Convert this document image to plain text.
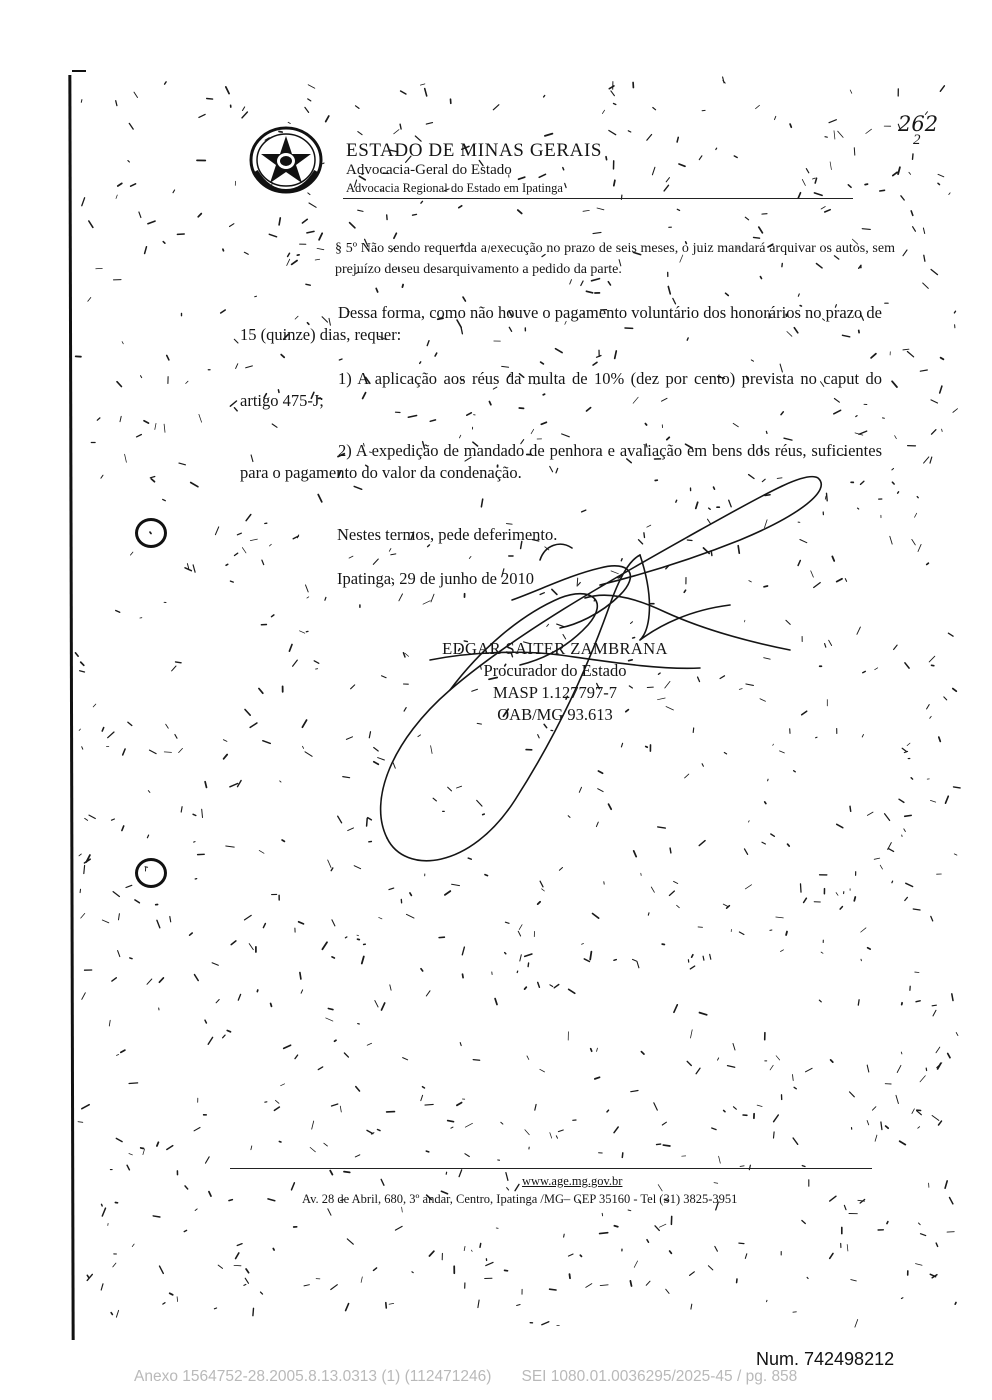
ESTADO DE MINAS GERAIS
Advocacia-Geral do Estado
Advocacia Regional do Estado em Ipatinga
262
2
§ 5º Não sendo requerida a execução no prazo de seis meses, o juiz mandará arquivar os autos, sem prejuízo de seu desarquivamento a pedido da parte.
Dessa forma, como não houve o pagamento voluntário dos honorários no prazo de 15 (quinze) dias, requer:
1) A aplicação aos réus da multa de 10% (dez por cento) prevista no caput do artigo 475-J;
2) A expedição de mandado de penhora e avaliação em bens dos réus, suficientes para o pagamento do valor da condenação.
Nestes termos, pede deferimento.
Ipatinga, 29 de junho de 2010
EDGAR SAITER ZAMBRANA
Procurador do Estado
MASP 1.127797-7
OAB/MG 93.613
www.age.mg.gov.br
Av. 28 de Abril, 680, 3º andar, Centro, Ipatinga /MG– CEP 35160 - Tel (31) 3825-3951
Num. 742498212
Anexo 1564752-28.2005.8.13.0313 (1) (112471246)       SEI 1080.01.0036295/2025-45 / pg. 858
